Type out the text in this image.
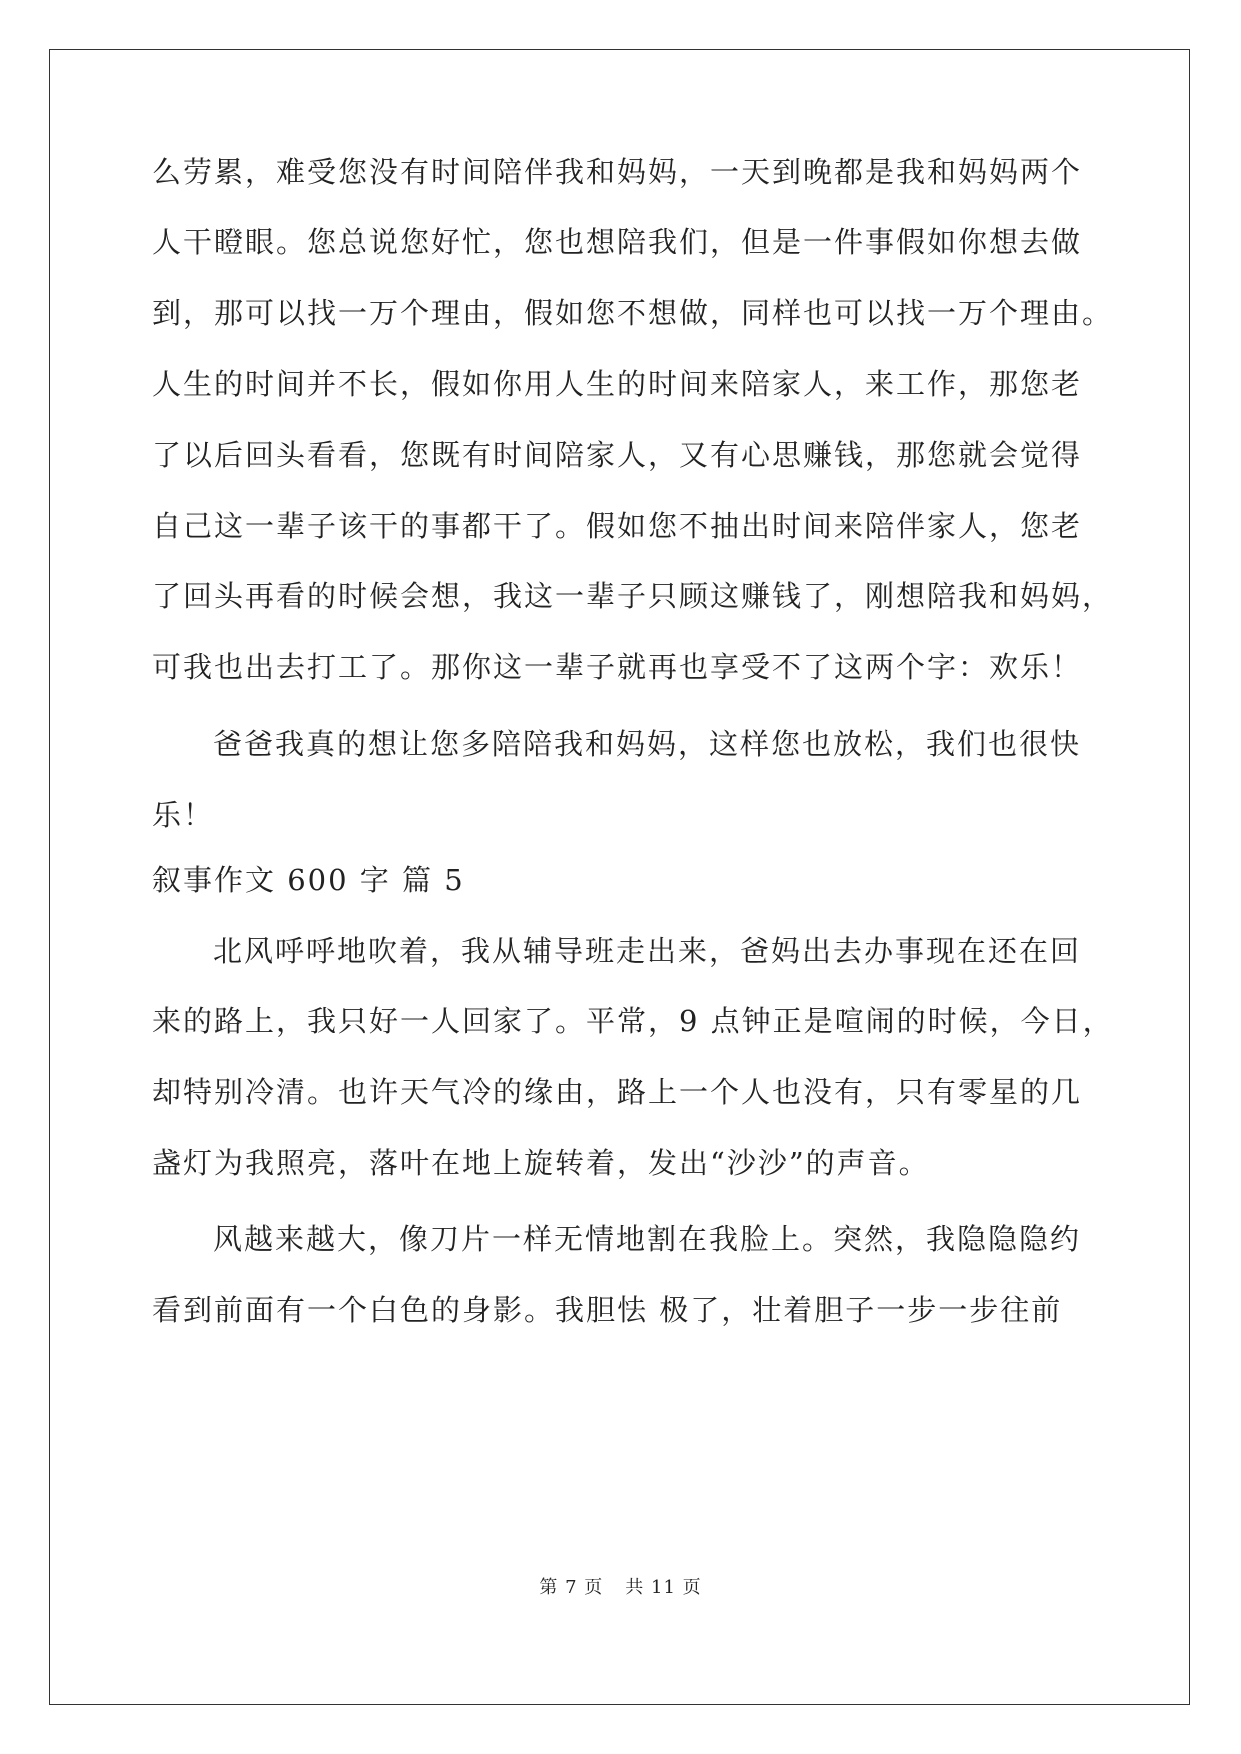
么劳累，难受您没有时间陪伴我和妈妈，一天到晚都是我和妈妈两个
人干瞪眼。您总说您好忙，您也想陪我们，但是一件事假如你想去做
到，那可以找一万个理由，假如您不想做，同样也可以找一万个理由。
人生的时间并不长，假如你用人生的时间来陪家人，来工作，那您老
了以后回头看看，您既有时间陪家人，又有心思赚钱，那您就会觉得
自己这一辈子该干的事都干了。假如您不抽出时间来陪伴家人，您老
了回头再看的时候会想，我这一辈子只顾这赚钱了，刚想陪我和妈妈，
可我也出去打工了。那你这一辈子就再也享受不了这两个字：欢乐！
爸爸我真的想让您多陪陪我和妈妈，这样您也放松，我们也很快
乐！
叙事作文 600 字 篇 5
北风呼呼地吹着，我从辅导班走出来，爸妈出去办事现在还在回
来的路上，我只好一人回家了。平常，9 点钟正是喧闹的时候，今日，
却特别冷清。也许天气冷的缘由，路上一个人也没有，只有零星的几
盏灯为我照亮，落叶在地上旋转着，发出“沙沙”的声音。
风越来越大，像刀片一样无情地割在我脸上。突然，我隐隐隐约
看到前面有一个白色的身影。我胆怯 极了，壮着胆子一步一步往前
第 7 页 共 11 页
